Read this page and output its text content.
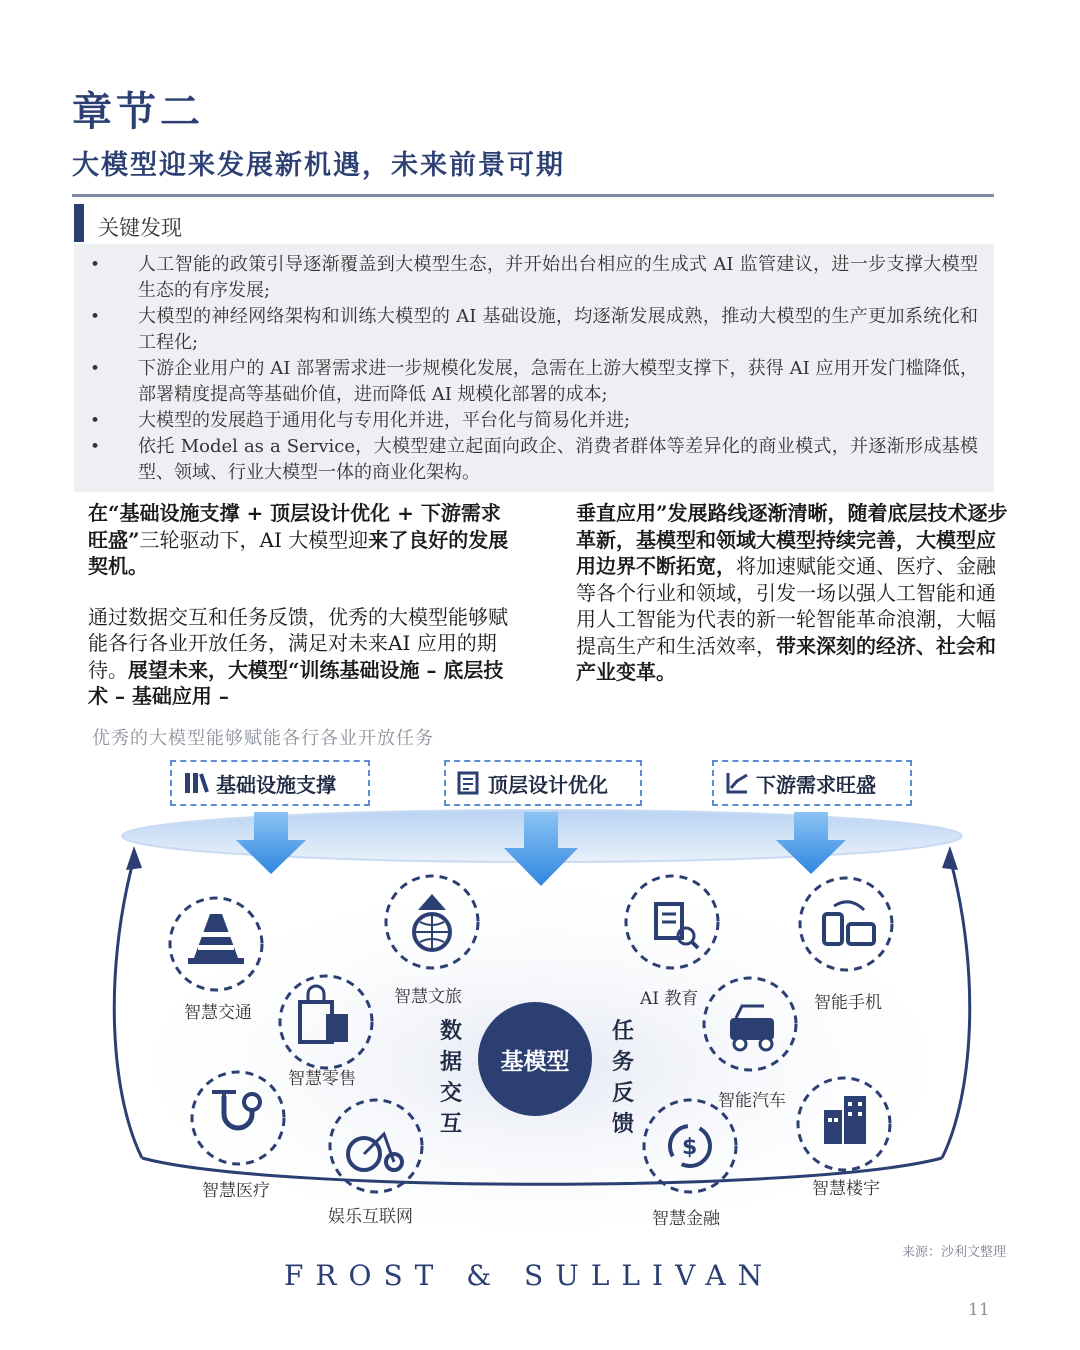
章节二
大模型迎来发展新机遇，未来前景可期
关键发现
• 人工智能的政策引导逐渐覆盖到大模型生态，并开始出台相应的生成式 AI 监管建议，进一步支撑大模型生态的有序发展;
• 大模型的神经网络架构和训练大模型的 AI 基础设施，均逐渐发展成熟，推动大模型的生产更加系统化和工程化;
• 下游企业用户的 AI 部署需求进一步规模化发展，急需在上游大模型支撑下，获得 AI 应用开发门槛降低，部署精度提高等基础价值，进而降低 AI 规模化部署的成本;
• 大模型的发展趋于通用化与专用化并进，平台化与简易化并进;
• 依托 Model as a Service，大模型建立起面向政企、消费者群体等差异化的商业模式，并逐渐形成基模型、领域、行业大模型一体的商业化架构。

在“基础设施支撑 + 顶层设计优化 + 下游需求旺盛”三轮驱动下，AI 大模型迎来了良好的发展契机。

通过数据交互和任务反馈，优秀的大模型能够赋能各行各业开放任务，满足对未来AI 应用的期待。展望未来，大模型“训练基础设施 – 底层技术 – 基础应用 –

垂直应用”发展路线逐渐清晰，随着底层技术逐步革新，基模型和领域大模型持续完善，大模型应用边界不断拓宽，将加速赋能交通、医疗、金融等各个行业和领域，引发一场以强人工智能和通用人工智能为代表的新一轮智能革命浪潮，大幅提高生产和生活效率，带来深刻的经济、社会和产业变革。

$
优秀的大模型能够赋能各行各业开放任务
基础设施支撑	顶层设计优化	下游需求旺盛
智慧交通
智慧零售
智慧文旅
智慧医疗
娱乐互联网
AI 教育	智能手机
智能汽车
智慧金融
智慧楼宇
数
据
交
互
基模型
任
务
反
馈
来源：沙利文整理
FROST & SULLIVAN
11
